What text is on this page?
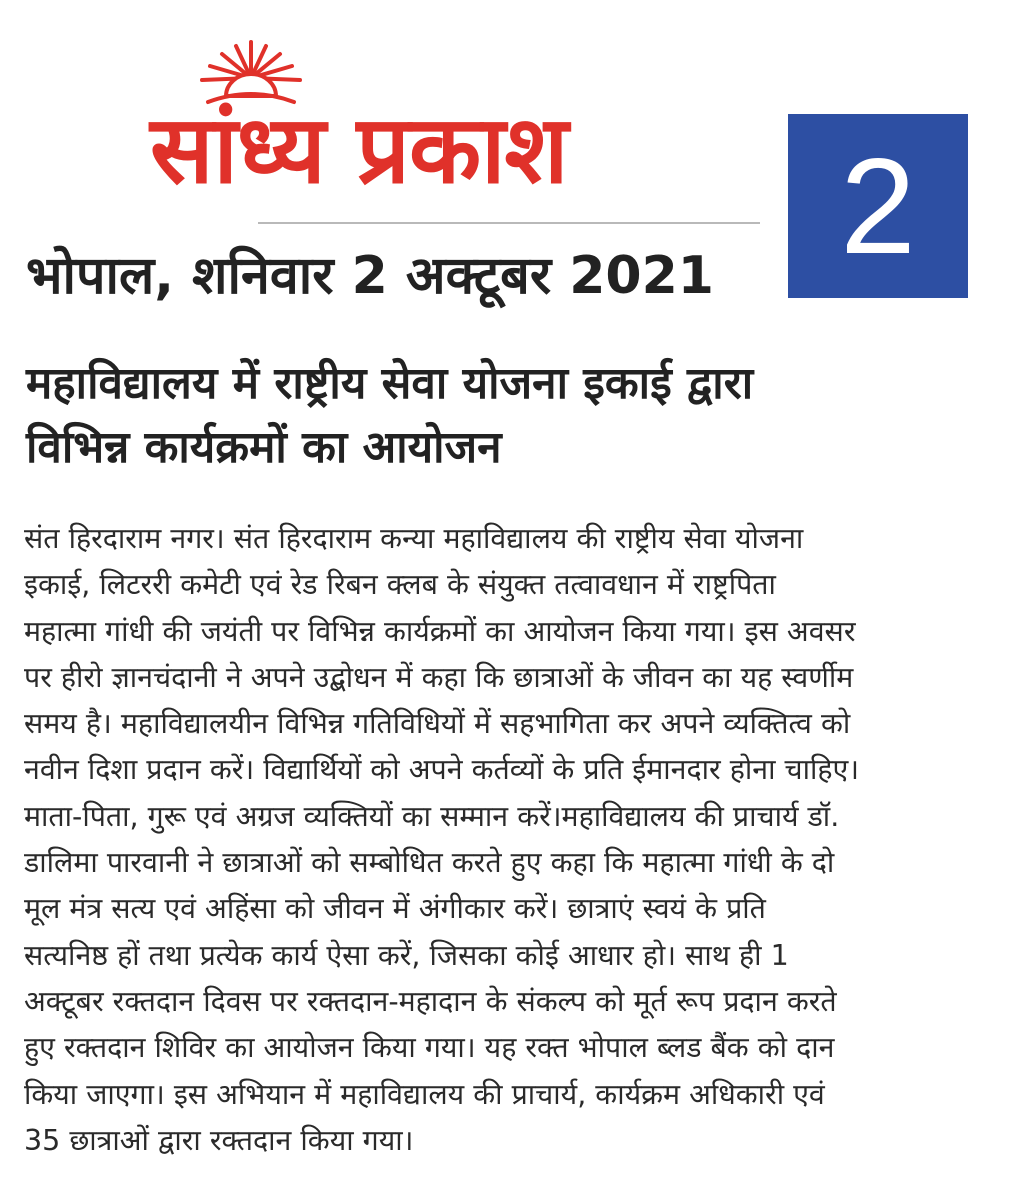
सांध्य प्रकाश
भोपाल, शनिवार 2 अक्टूबर 2021 2
महाविद्यालय में राष्ट्रीय सेवा योजना इकाई द्वारा
विभिन्न कार्यक्रमों का आयोजन
संत हिरदाराम नगर। संत हिरदाराम कन्या महाविद्यालय की राष्ट्रीय सेवा योजना
इकाई, लिटररी कमेटी एवं रेड रिबन क्लब के संयुक्त तत्वावधान में राष्ट्रपिता
महात्मा गांधी की जयंती पर विभिन्न कार्यक्रमों का आयोजन किया गया। इस अवसर
पर हीरो ज्ञानचंदानी ने अपने उद्बोधन में कहा कि छात्राओं के जीवन का यह स्वर्णीम
समय है। महाविद्यालयीन विभिन्न गतिविधियों में सहभागिता कर अपने व्यक्तित्व को
नवीन दिशा प्रदान करें। विद्यार्थियों को अपने कर्तव्यों के प्रति ईमानदार होना चाहिए।
माता-पिता, गुरू एवं अग्रज व्यक्तियों का सम्मान करें।महाविद्यालय की प्राचार्य डॉ.
डालिमा पारवानी ने छात्राओं को सम्बोधित करते हुए कहा कि महात्मा गांधी के दो
मूल मंत्र सत्य एवं अहिंसा को जीवन में अंगीकार करें। छात्राएं स्वयं के प्रति
सत्यनिष्ठ हों तथा प्रत्येक कार्य ऐसा करें, जिसका कोई आधार हो। साथ ही 1
अक्टूबर रक्तदान दिवस पर रक्तदान-महादान के संकल्प को मूर्त रूप प्रदान करते
हुए रक्तदान शिविर का आयोजन किया गया। यह रक्त भोपाल ब्लड बैंक को दान
किया जाएगा। इस अभियान में महाविद्यालय की प्राचार्य, कार्यक्रम अधिकारी एवं
35 छात्राओं द्वारा रक्तदान किया गया।
